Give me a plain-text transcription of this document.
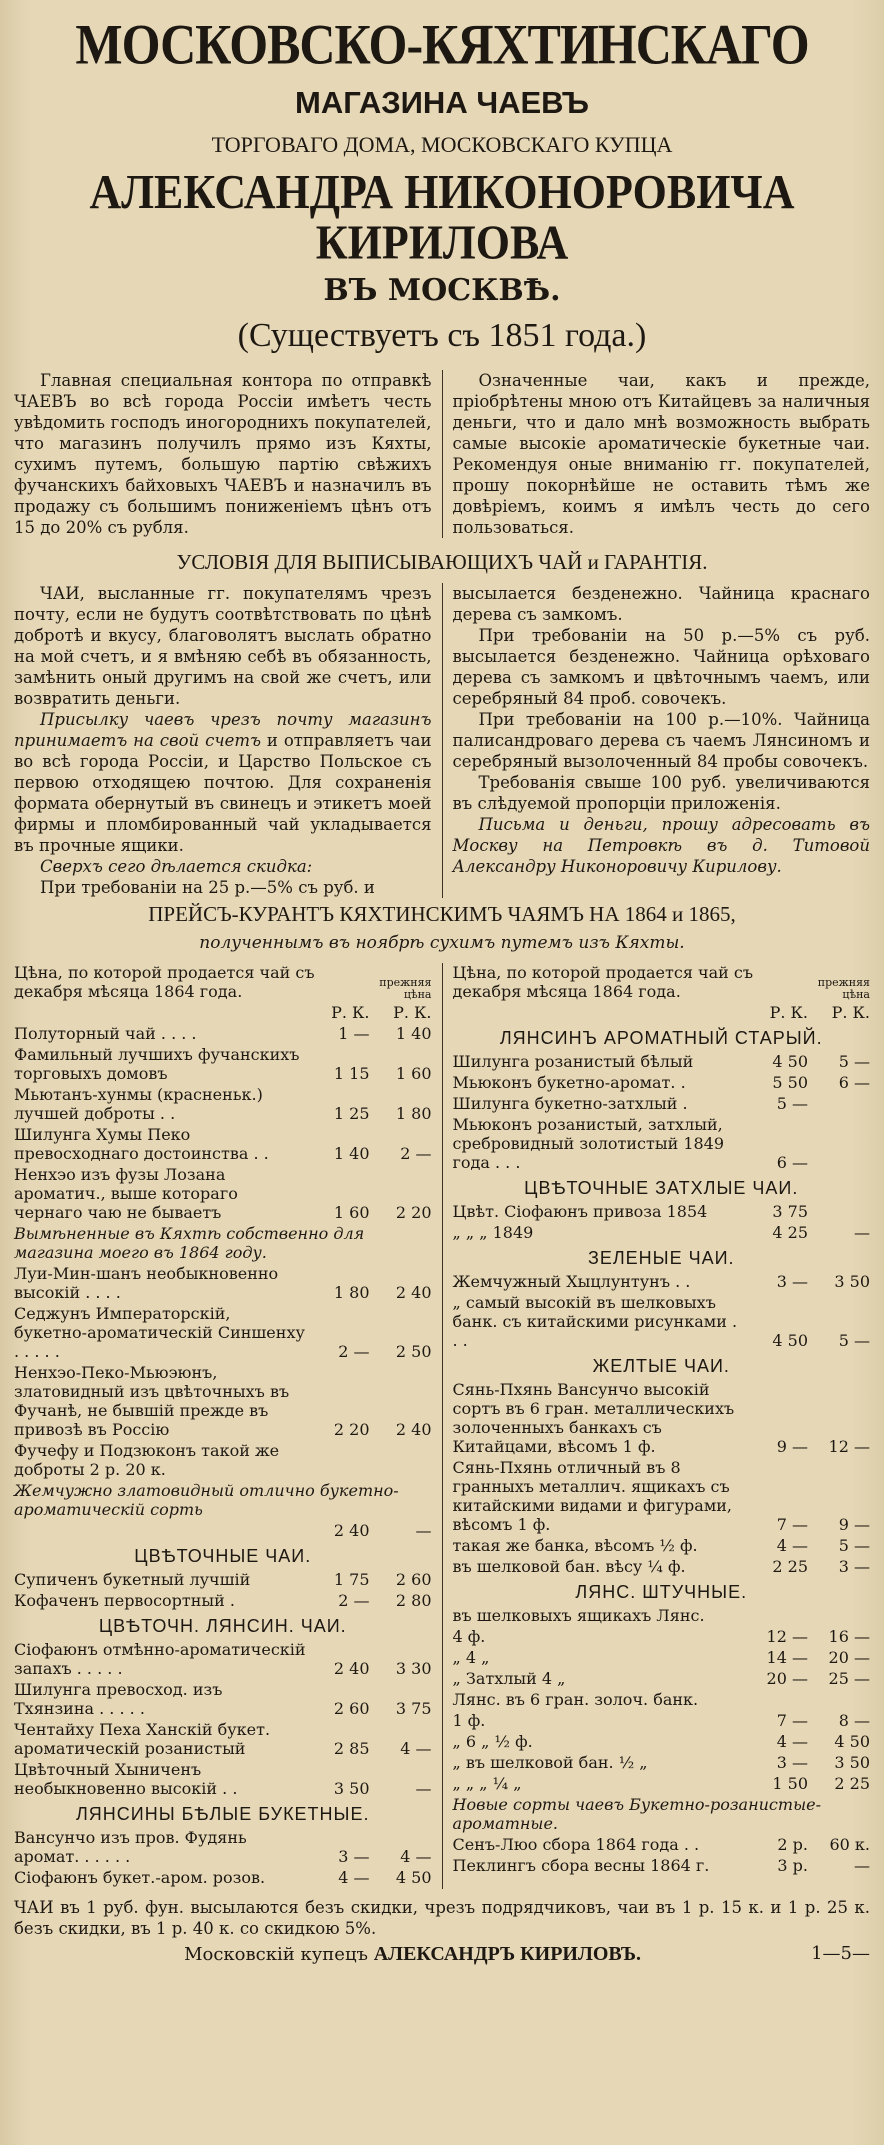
МОСКОВСКО-КЯХТИНСКАГО
МАГАЗИНА ЧАЕВЪ
ТОРГОВАГО ДОМА, МОСКОВСКАГО КУПЦА
АЛЕКСАНДРА НИКОНОРОВИЧА КИРИЛОВА
ВЪ МОСКВѢ.
(Существуетъ съ 1851 года.)

Главная специальная контора по отправкѣ ЧАЕВЪ во всѣ города Россіи имѣетъ честь увѣдомить господъ иногороднихъ покупателей, что магазинъ получилъ прямо изъ Кяхты, сухимъ путемъ, большую партію свѣжихъ фучанскихъ байховыхъ ЧАЕВЪ и назначилъ въ продажу съ большимъ пониженіемъ цѣнъ отъ 15 до 20% съ рубля.

Означенные чаи, какъ и прежде, пріобрѣтены мною отъ Китайцевъ за наличныя деньги, что и дало мнѣ возможность выбрать самые высокіе ароматическіе букетные чаи. Рекомендуя оные вниманію гг. покупателей, прошу покорнѣйше не оставить тѣмъ же довѣріемъ, коимъ я имѣлъ честь до сего пользоваться.

УСЛОВІЯ ДЛЯ ВЫПИСЫВАЮЩИХЪ ЧАЙ и ГАРАНТІЯ.

ЧАИ, высланные гг. покупателямъ чрезъ почту, если не будутъ соотвѣтствовать по цѣнѣ добротѣ и вкусу, благоволятъ выслать обратно на мой счетъ, и я вмѣняю себѣ въ обязанность, замѣнить оный другимъ на свой же счетъ, или возвратить деньги.

Присылку чаевъ чрезъ почту магазинъ принимаетъ на свой счетъ и отправляетъ чаи во всѣ города Россіи, и Царство Польское съ первою отходящею почтою. Для сохраненія формата обернутый въ свинецъ и этикетъ моей фирмы и пломбированный чай укладывается въ прочные ящики.

Сверхъ сего дѣлается скидка:

При требованіи на 25 р.—5% съ руб. и

высылается безденежно. Чайница краснаго дерева съ замкомъ.

При требованіи на 50 р.—5% съ руб. высылается безденежно. Чайница орѣховаго дерева съ замкомъ и цвѣточнымъ чаемъ, или серебряный 84 проб. совочекъ.

При требованіи на 100 р.—10%. Чайница палисандроваго дерева съ чаемъ Лянсиномъ и серебряный вызолоченный 84 пробы совочекъ.

Требованія свыше 100 руб. увеличиваются въ слѣдуемой пропорціи приложенія.

Письма и деньги, прошу адресовать въ Москву на Петровкѣ въ д. Титовой Александру Никоноровичу Кирилову.

ПРЕЙСЪ-КУРАНТЪ КЯХТИНСКИМЪ ЧАЯМЪ НА 1864 и 1865,
полученнымъ въ ноябрѣ сухимъ путемъ изъ Кяхты.
Цѣна, по которой продается чай съ декабря мѣсяца 1864 года.	прежняя цѣна
Р. К.	Р. К.
Полуторный чай . . . .	1 —	1 40
Фамильный лучшихъ фучанскихъ торговыхъ домовъ	1 15	1 60
Мьютанъ-хунмы (красненьк.) лучшей доброты . .	1 25	1 80
Шилунга Хумы Пеко превосходнаго достоинства . .	1 40	2 —
Ненхэо изъ фузы Лозана ароматич., выше котораго чернаго чаю не бываетъ	1 60	2 20
Вымѣненные въ Кяхтѣ собственно для магазина моего въ 1864 году.
Луи-Мин-шанъ необыкновенно высокій . . . .	1 80	2 40
Седжунъ Императорскій, букетно-ароматическій Синшенху . . . . .	2 —	2 50
Ненхэо-Пеко-Мьюэюнъ, златовидный изъ цвѣточныхъ въ Фучанѣ, не бывшій прежде въ привозѣ въ Россію	2 20	2 40
Фучефу и Подзюконъ такой же доброты 2 р. 20 к.
Жемчужно златовидный отлично букетно-ароматическій сорть
2 40	—
ЦВѢТОЧНЫЕ ЧАИ.
Супиченъ букетный лучшій	1 75	2 60
Кофаченъ первосортный .	2 —	2 80
ЦВѢТОЧН. ЛЯНСИН. ЧАИ.
Сіофаюнъ отмѣнно-ароматическій запахъ . . . . .	2 40	3 30
Шилунга превосход. изъ Тхянзина . . . . .	2 60	3 75
Чентайху Пеха Ханскій букет. ароматическій розанистый	2 85	4 —
Цвѣточный Хыниченъ необыкновенно высокій . .	3 50	—
ЛЯНСИНЫ БѢЛЫЕ БУКЕТНЫЕ.
Вансунчо изъ пров. Фудянь аромат. . . . . .	3 —	4 —
Сіофаюнъ букет.-аром. розов.	4 —	4 50
Цѣна, по которой продается чай съ декабря мѣсяца 1864 года.	прежняя цѣна
Р. К.	Р. К.
ЛЯНСИНЪ АРОМАТНЫЙ СТАРЫЙ.
Шилунга розанистый бѣлый	4 50	5 —
Мьюконъ букетно-аромат. .	5 50	6 —
Шилунга букетно-затхлый .	5 —
Мьюконъ розанистый, затхлый, сребровидный золотистый 1849 года . . .	6 —
ЦВѢТОЧНЫЕ ЗАТХЛЫЕ ЧАИ.
Цвѣт. Сіофаюнъ привоза 1854	3 75
„ „ „ 1849	4 25	—
ЗЕЛЕНЫЕ ЧАИ.
Жемчужный Хыцлунтунъ . .	3 —	3 50
„ самый высокій въ шелковыхъ банк. съ китайскими рисунками . . .	4 50	5 —
ЖЕЛТЫЕ ЧАИ.
Сянь-Пхянь Вансунчо высокій сортъ въ 6 гран. металлическихъ золоченныхъ банкахъ съ Китайцами, вѣсомъ 1 ф.	9 —	12 —
Сянь-Пхянь отличный въ 8 гранныхъ металлич. ящикахъ съ китайскими видами и фигурами, вѣсомъ 1 ф.	7 —	9 —
такая же банка, вѣсомъ ½ ф.	4 —	5 —
въ шелковой бан. вѣсу ¼ ф.	2 25	3 —
ЛЯНС. ШТУЧНЫЕ.
въ шелковыхъ ящикахъ Лянс.
4 ф.	12 —	16 —
„ 4 „	14 —	20 —
„ Затхлый 4 „	20 —	25 —
Лянс. въ 6 гран. золоч. банк.
1 ф.	7 —	8 —
„ 6 „ ½ ф.	4 —	4 50
„ въ шелковой бан. ½ „	3 —	3 50
„ „ „ ¼ „	1 50	2 25
Новые сорты чаевъ Букетно-розанистые-ароматные.
Сенъ-Люо сбора 1864 года . .	2 р.	60 к.
Пеклингъ сбора весны 1864 г.	3 р.	—
ЧАИ въ 1 руб. фун. высылаются безъ скидки, чрезъ подрядчиковъ, чаи въ 1 р. 15 к. и 1 р. 25 к. безъ скидки, въ 1 р. 40 к. со скидкою 5%.
Московскій купецъ АЛЕКСАНДРЪ КИРИЛОВЪ.	1—5—
